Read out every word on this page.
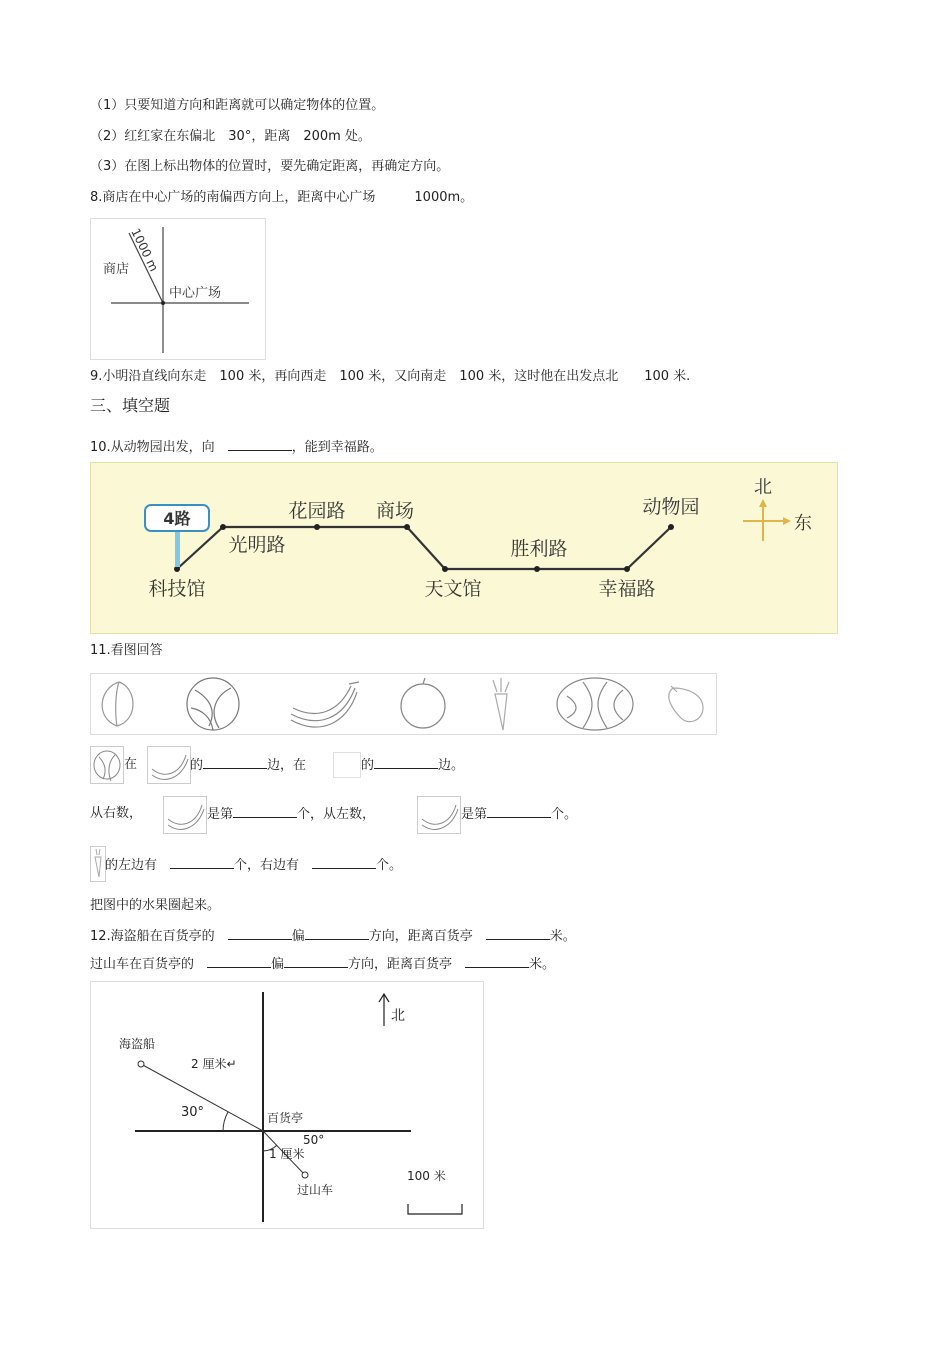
（1）只要知道方向和距离就可以确定物体的位置。
（2）红红家在东偏北　30°，距离　200m 处。
（3）在图上标出物体的位置时，要先确定距离，再确定方向。
8.商店在中心广场的南偏西方向上，距离中心广场　　　1000m。
商店
中心广场
1000 m
9.小明沿直线向东走　100 米，再向西走　100 米，又向南走　100 米，这时他在出发点北　　100 米.
三、填空题
10.从动物园出发，向　	，能到幸福路。
4路
科技馆
光明路
花园路 商场
天文馆
胜利路
幸福路
动物园
北
东
11.看图回答
在	的	边，在	的	边。
从右数，	是第	个，从左数，	是第	个。
的左边有　	个，右边有　	个。
把图中的水果圈起来。
12.海盗船在百货亭的　	偏	方向，距离百货亭　	米。
过山车在百货亭的　	偏	方向，距离百货亭　	米。
海盗船
2 厘米↵
30°	百货亭
50°
1 厘米
过山车
北
100 米
